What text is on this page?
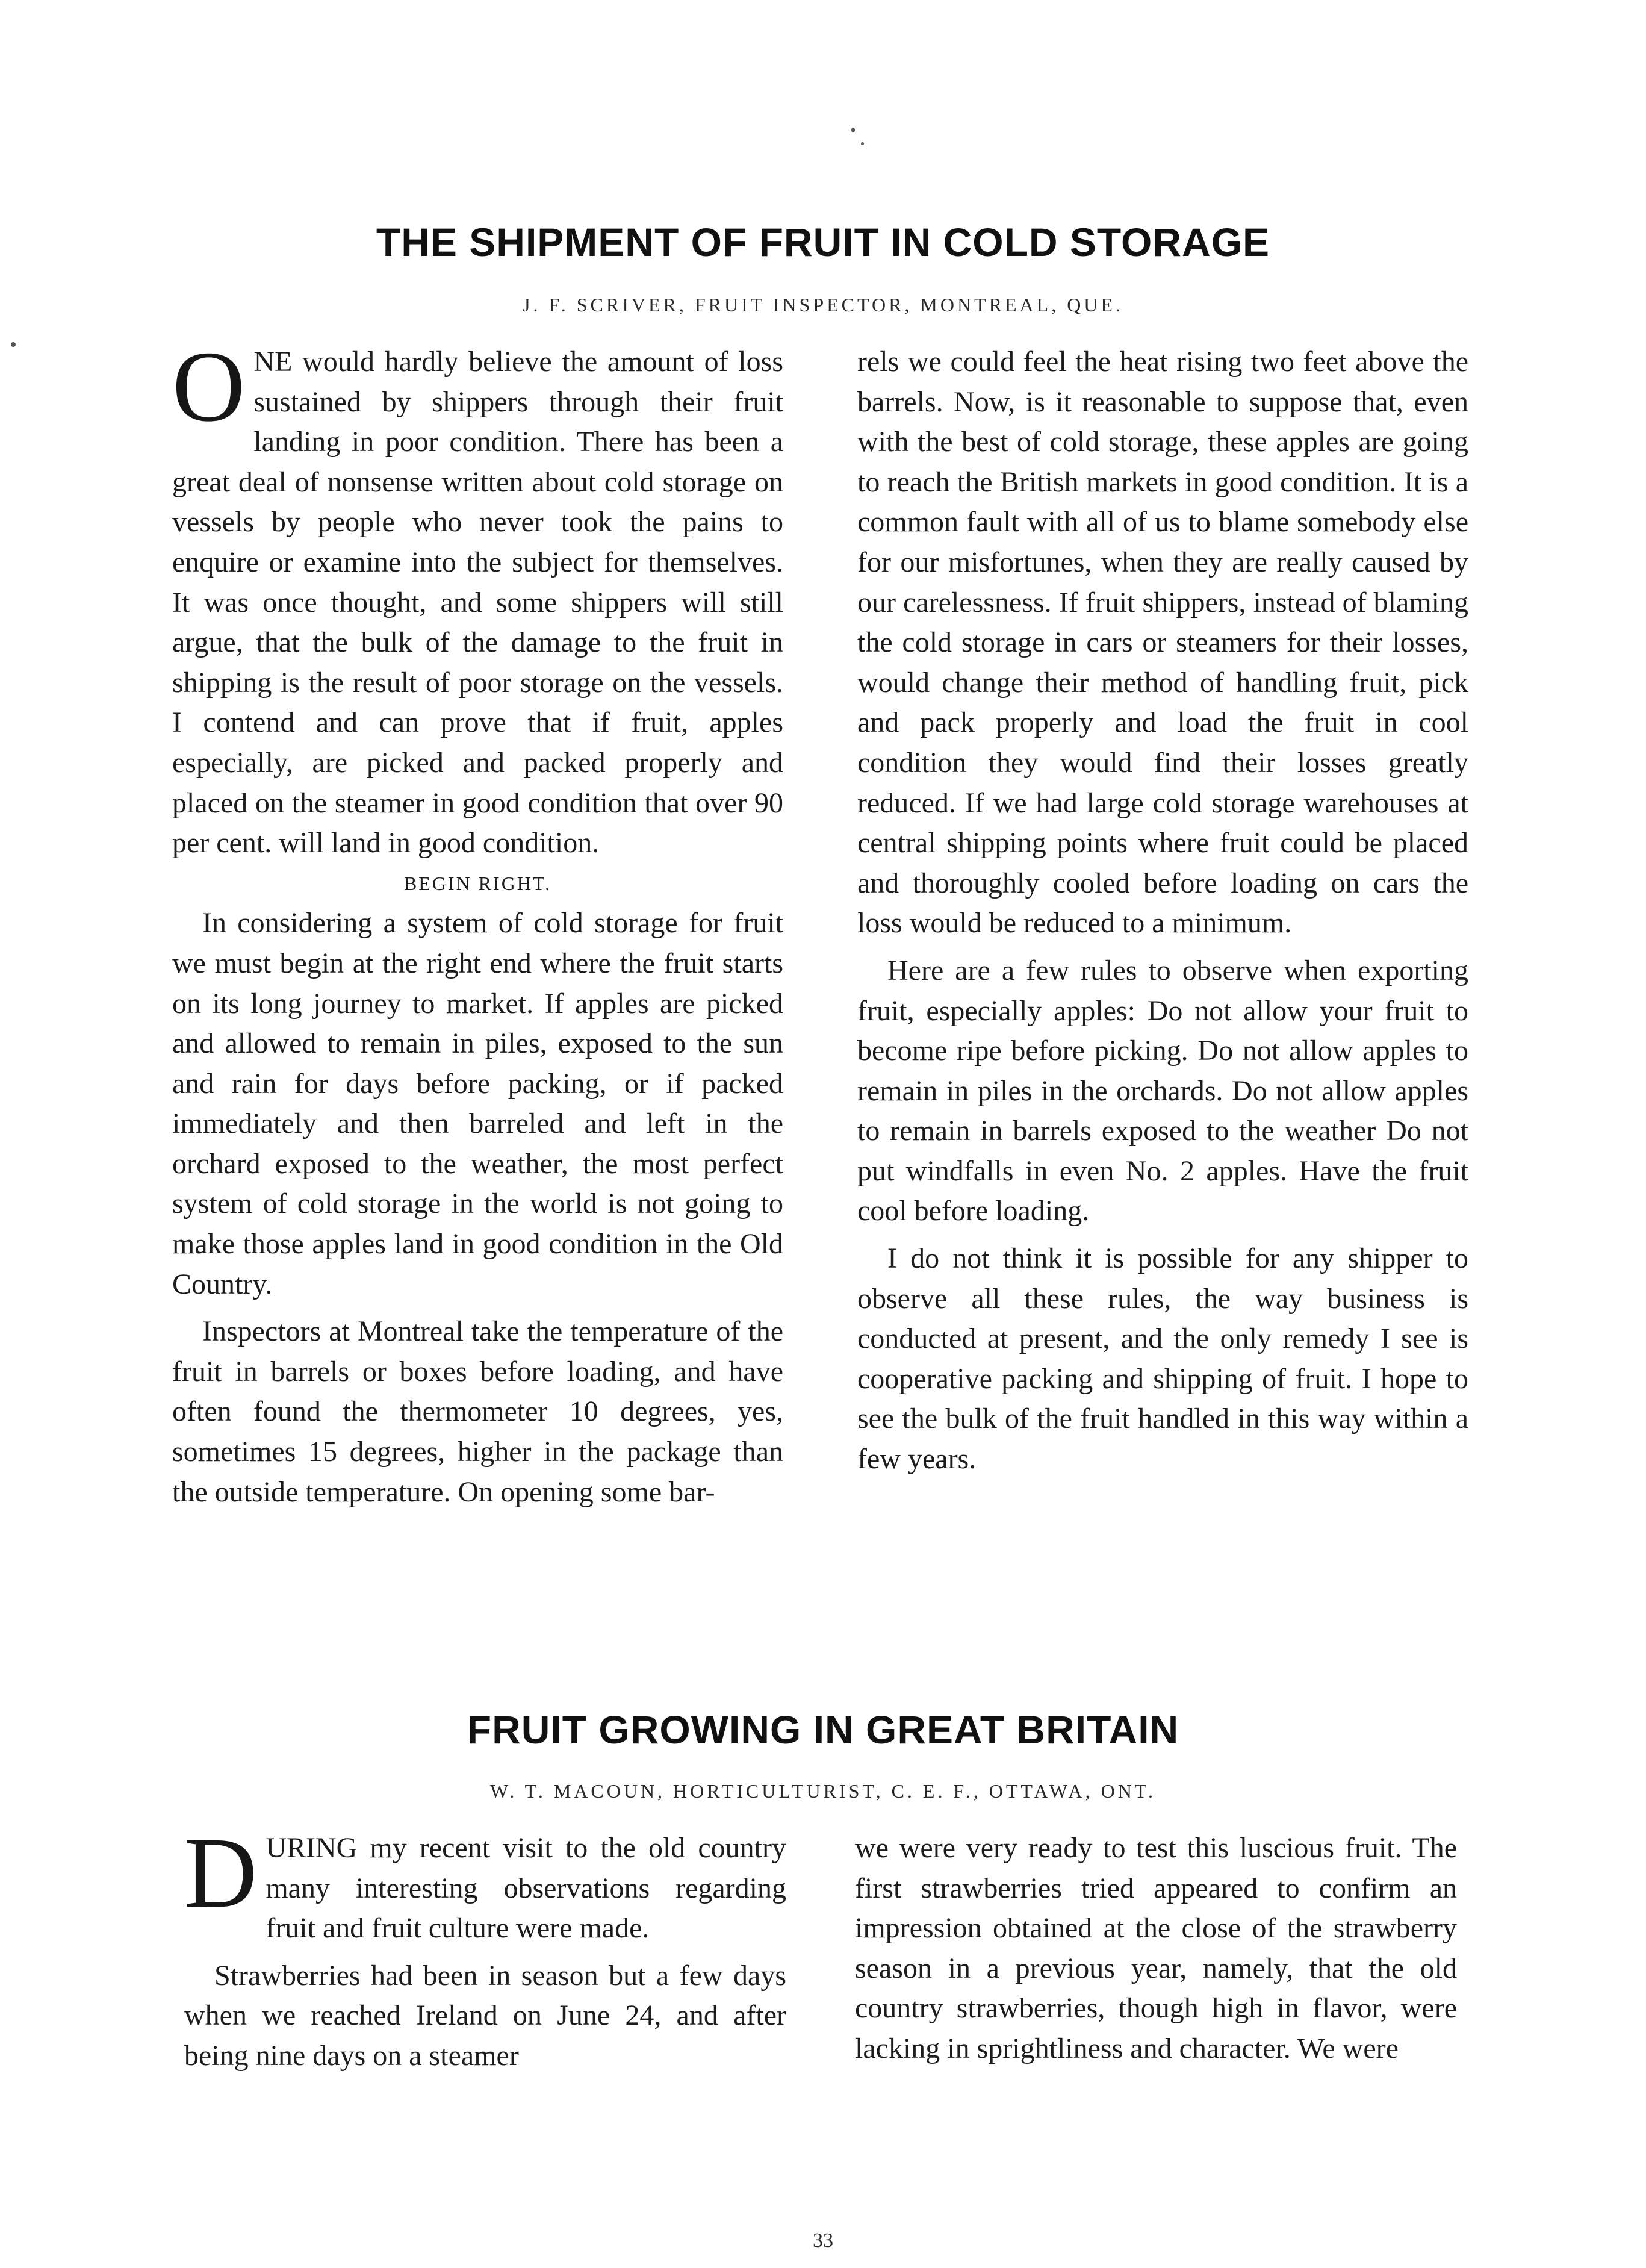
THE SHIPMENT OF FRUIT IN COLD STORAGE
J. F. SCRIVER, FRUIT INSPECTOR, MONTREAL, QUE.

ONE would hardly believe the amount of loss sustained by shippers through their fruit landing in poor condition. There has been a great deal of nonsense written about cold storage on vessels by people who never took the pains to enquire or examine into the subject for themselves. It was once thought, and some shippers will still argue, that the bulk of the damage to the fruit in shipping is the result of poor storage on the vessels. I contend and can prove that if fruit, apples especially, are picked and packed properly and placed on the steamer in good condition that over 90 per cent. will land in good condition.

BEGIN RIGHT.

In considering a system of cold storage for fruit we must begin at the right end where the fruit starts on its long journey to market. If apples are picked and allowed to remain in piles, exposed to the sun and rain for days before packing, or if packed immediately and then barreled and left in the orchard exposed to the weather, the most perfect system of cold storage in the world is not going to make those apples land in good condition in the Old Country.

Inspectors at Montreal take the temperature of the fruit in barrels or boxes before loading, and have often found the thermometer 10 degrees, yes, sometimes 15 degrees, higher in the package than the outside temperature. On opening some bar-

rels we could feel the heat rising two feet above the barrels. Now, is it reasonable to suppose that, even with the best of cold storage, these apples are going to reach the British markets in good condition. It is a common fault with all of us to blame somebody else for our misfortunes, when they are really caused by our carelessness. If fruit shippers, instead of blaming the cold storage in cars or steamers for their losses, would change their method of handling fruit, pick and pack properly and load the fruit in cool condition they would find their losses greatly reduced. If we had large cold storage warehouses at central shipping points where fruit could be placed and thoroughly cooled before loading on cars the loss would be reduced to a minimum.

Here are a few rules to observe when exporting fruit, especially apples: Do not allow your fruit to become ripe before picking. Do not allow apples to remain in piles in the orchards. Do not allow apples to remain in barrels exposed to the weather Do not put windfalls in even No. 2 apples. Have the fruit cool before loading.

I do not think it is possible for any shipper to observe all these rules, the way business is conducted at present, and the only remedy I see is cooperative packing and shipping of fruit. I hope to see the bulk of the fruit handled in this way within a few years.

FRUIT GROWING IN GREAT BRITAIN
W. T. MACOUN, HORTICULTURIST, C. E. F., OTTAWA, ONT.

DURING my recent visit to the old country many interesting observations regarding fruit and fruit culture were made.

Strawberries had been in season but a few days when we reached Ireland on June 24, and after being nine days on a steamer

we were very ready to test this luscious fruit. The first strawberries tried appeared to confirm an impression obtained at the close of the strawberry season in a previous year, namely, that the old country strawberries, though high in flavor, were lacking in sprightliness and character. We were

33
